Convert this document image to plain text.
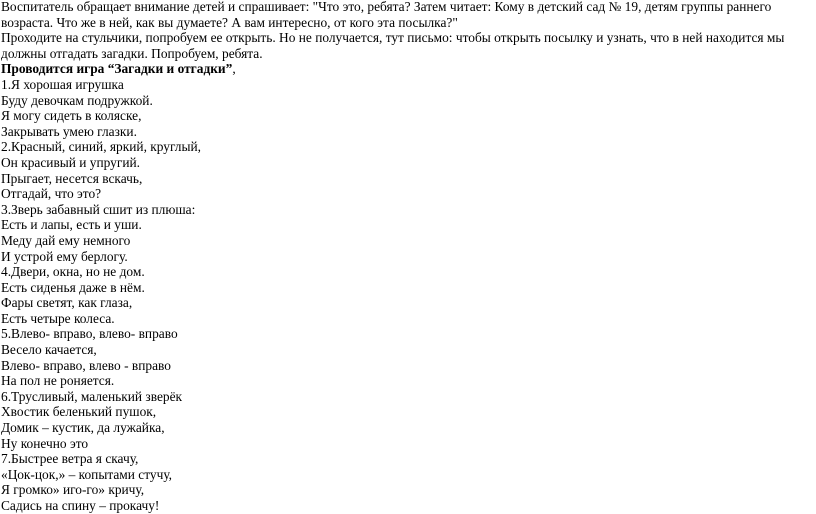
Воспитатель обращает внимание детей и спрашивает: "Что это, ребята? Затем читает: Кому в детский сад № 19, детям группы раннего
возраста. Что же в ней, как вы думаете? А вам интересно, от кого эта посылка?"
Проходите на стульчики, попробуем ее открыть. Но не получается, тут письмо: чтобы открыть посылку и узнать, что в ней находится мы
должны отгадать загадки. Попробуем, ребята.
Проводится игра “Загадки и отгадки”,
1.Я хорошая игрушка
Буду девочкам подружкой.
Я могу сидеть в коляске,
Закрывать умею глазки.
2.Красный, синий, яркий, круглый,
Он красивый и упругий.
Прыгает, несется вскачь,
Отгадай, что это?
3.Зверь забавный сшит из плюша:
Есть и лапы, есть и уши.
Меду дай ему немного
И устрой ему берлогу.
4.Двери, окна, но не дом.
Есть сиденья даже в нём.
Фары светят, как глаза,
Есть четыре колеса.
5.Влево- вправо, влево- вправо
Весело качается,
Влево- вправо, влево - вправо
На пол не роняется.
6.Трусливый, маленький зверёк
Хвостик беленький пушок,
Домик – кустик, да лужайка,
Ну конечно это
7.Быстрее ветра я скачу,
«Цок-цок,» – копытами стучу,
Я громко» иго-го» кричу,
Садись на спину – прокачу!
